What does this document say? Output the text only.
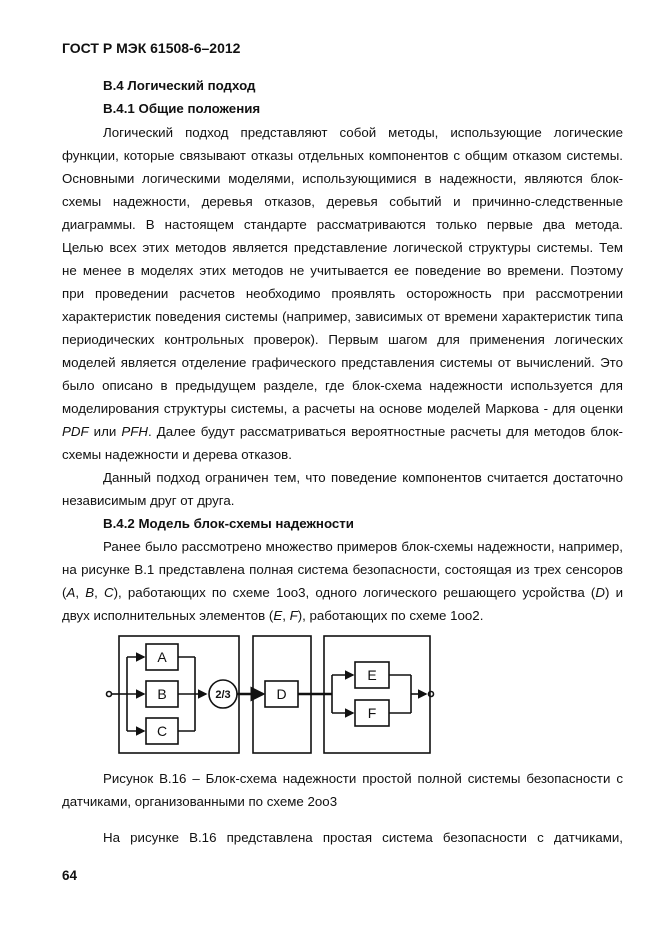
ГОСТ Р МЭК 61508-6–2012
В.4 Логический подход
В.4.1 Общие положения
Логический подход представляют собой методы, использующие логические
функции, которые связывают отказы отдельных компонентов с общим отказом системы.
Основными логическими моделями, использующимися в надежности, являются блок-
схемы надежности, деревья отказов, деревья событий и причинно-следственные
диаграммы. В настоящем стандарте рассматриваются только первые два метода.
Целью всех этих методов является представление логической структуры системы. Тем
не менее в моделях этих методов не учитывается ее поведение во времени. Поэтому
при проведении расчетов необходимо проявлять осторожность при рассмотрении
характеристик поведения системы (например, зависимых от времени характеристик типа
периодических контрольных проверок). Первым шагом для применения логических
моделей является отделение графического представления системы от вычислений. Это
было описано в предыдущем разделе, где блок-схема надежности используется для
моделирования структуры системы, а расчеты на основе моделей Маркова - для оценки
PDF или PFH. Далее будут рассматриваться вероятностные расчеты для методов блок-
схемы надежности и дерева отказов.
Данный подход ограничен тем, что поведение компонентов считается достаточно
независимым друг от друга.
В.4.2 Модель блок-схемы надежности
Ранее было рассмотрено множество примеров блок-схемы надежности, например,
на рисунке В.1 представлена полная система безопасности, состоящая из трех сенсоров
(A, B, C), работающих по схеме 1оо3, одного логического решающего усройства (D) и
двух исполнительных элементов (E, F), работающих по схеме 1оо2.
A
B
C
D
E
F
2/3
Рисунок В.16 – Блок-схема надежности простой полной системы безопасности с
датчиками, организованными по схеме 2оо3
На рисунке В.16 представлена простая система безопасности с датчиками,
64
